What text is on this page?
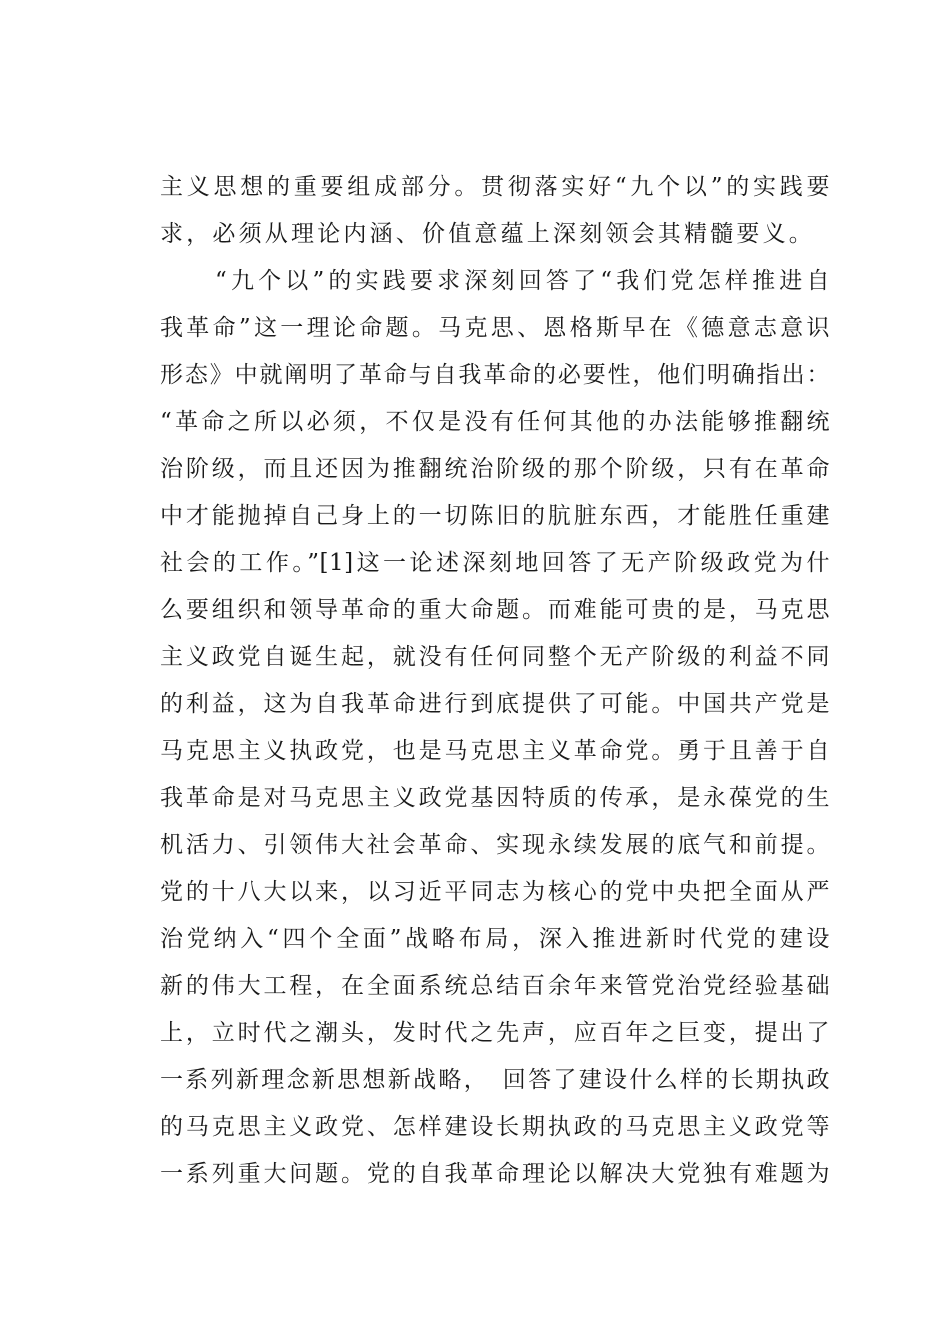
主义思想的重要组成部分。贯彻落实好“九个以”的实践要
求，必须从理论内涵、价值意蕴上深刻领会其精髓要义。
“九个以”的实践要求深刻回答了“我们党怎样推进自
我革命”这一理论命题。马克思、恩格斯早在《德意志意识
形态》中就阐明了革命与自我革命的必要性，他们明确指出：
“革命之所以必须，不仅是没有任何其他的办法能够推翻统
治阶级，而且还因为推翻统治阶级的那个阶级，只有在革命
中才能抛掉自己身上的一切陈旧的肮脏东西，才能胜任重建
社会的工作。”[1]这一论述深刻地回答了无产阶级政党为什
么要组织和领导革命的重大命题。而难能可贵的是，马克思
主义政党自诞生起，就没有任何同整个无产阶级的利益不同
的利益，这为自我革命进行到底提供了可能。中国共产党是
马克思主义执政党，也是马克思主义革命党。勇于且善于自
我革命是对马克思主义政党基因特质的传承，是永葆党的生
机活力、引领伟大社会革命、实现永续发展的底气和前提。
党的十八大以来，以习近平同志为核心的党中央把全面从严
治党纳入“四个全面”战略布局，深入推进新时代党的建设
新的伟大工程，在全面系统总结百余年来管党治党经验基础
上，立时代之潮头，发时代之先声，应百年之巨变，提出了
一系列新理念新思想新战略，　回答了建设什么样的长期执政
的马克思主义政党、怎样建设长期执政的马克思主义政党等
一系列重大问题。党的自我革命理论以解决大党独有难题为
